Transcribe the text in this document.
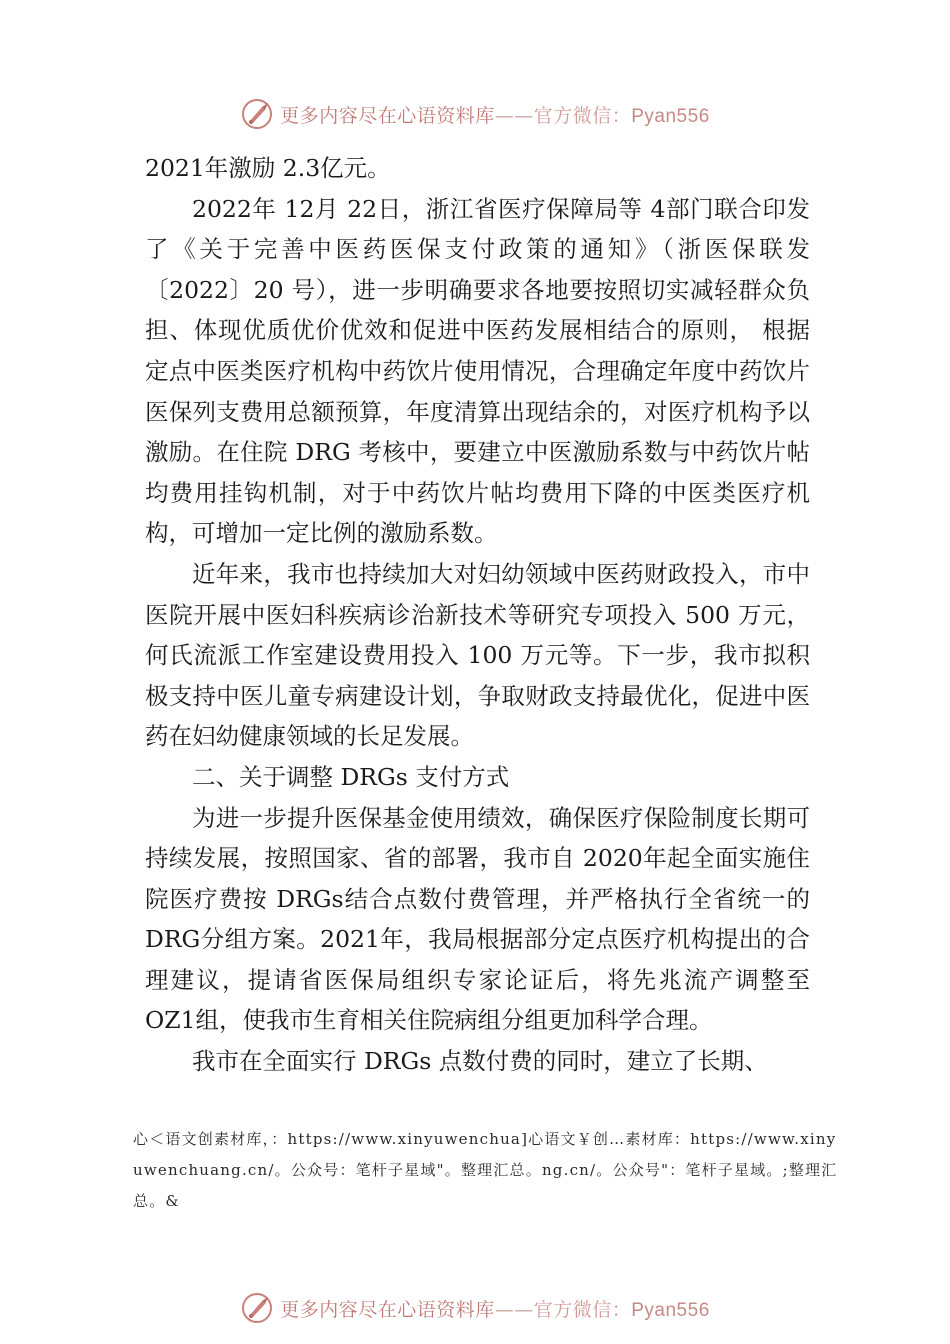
更多内容尽在心语资料库——官方微信：Pyan556

2021年激励 2.3亿元。

2022年 12月 22日，浙江省医疗保障局等 4部门联合印发了《关于完善中医药医保支付政策的通知》（浙医保联发〔2022〕20 号），进一步明确要求各地要按照切实减轻群众负担、体现优质优价优效和促进中医药发展相结合的原则， 根据定点中医类医疗机构中药饮片使用情况，合理确定年度中药饮片医保列支费用总额预算，年度清算出现结余的，对医疗机构予以激励。在住院 DRG 考核中，要建立中医激励系数与中药饮片帖均费用挂钩机制，对于中药饮片帖均费用下降的中医类医疗机构，可增加一定比例的激励系数。

近年来，我市也持续加大对妇幼领域中医药财政投入，市中医院开展中医妇科疾病诊治新技术等研究专项投入 500 万元，何氏流派工作室建设费用投入 100 万元等。下一步，我市拟积极支持中医儿童专病建设计划，争取财政支持最优化，促进中医药在妇幼健康领域的长足发展。

二、关于调整 DRGs 支付方式

为进一步提升医保基金使用绩效，确保医疗保险制度长期可持续发展，按照国家、省的部署，我市自 2020年起全面实施住院医疗费按 DRGs结合点数付费管理，并严格执行全省统一的 DRG分组方案。2021年，我局根据部分定点医疗机构提出的合理建议，提请省医保局组织专家论证后，将先兆流产调整至 OZ1组，使我市生育相关住院病组分组更加科学合理。

我市在全面实行 DRGs 点数付费的同时，建立了长期、

心＜语文创素材库，：https://www.xinyuwenchua]心语文￥创…素材库：https://www.xinyuwenchuang.cn/。公众号：笔杆子星域"。整理汇总。ng.cn/。公众号"：笔杆子星域。;整理汇总。&
更多内容尽在心语资料库——官方微信：Pyan556
